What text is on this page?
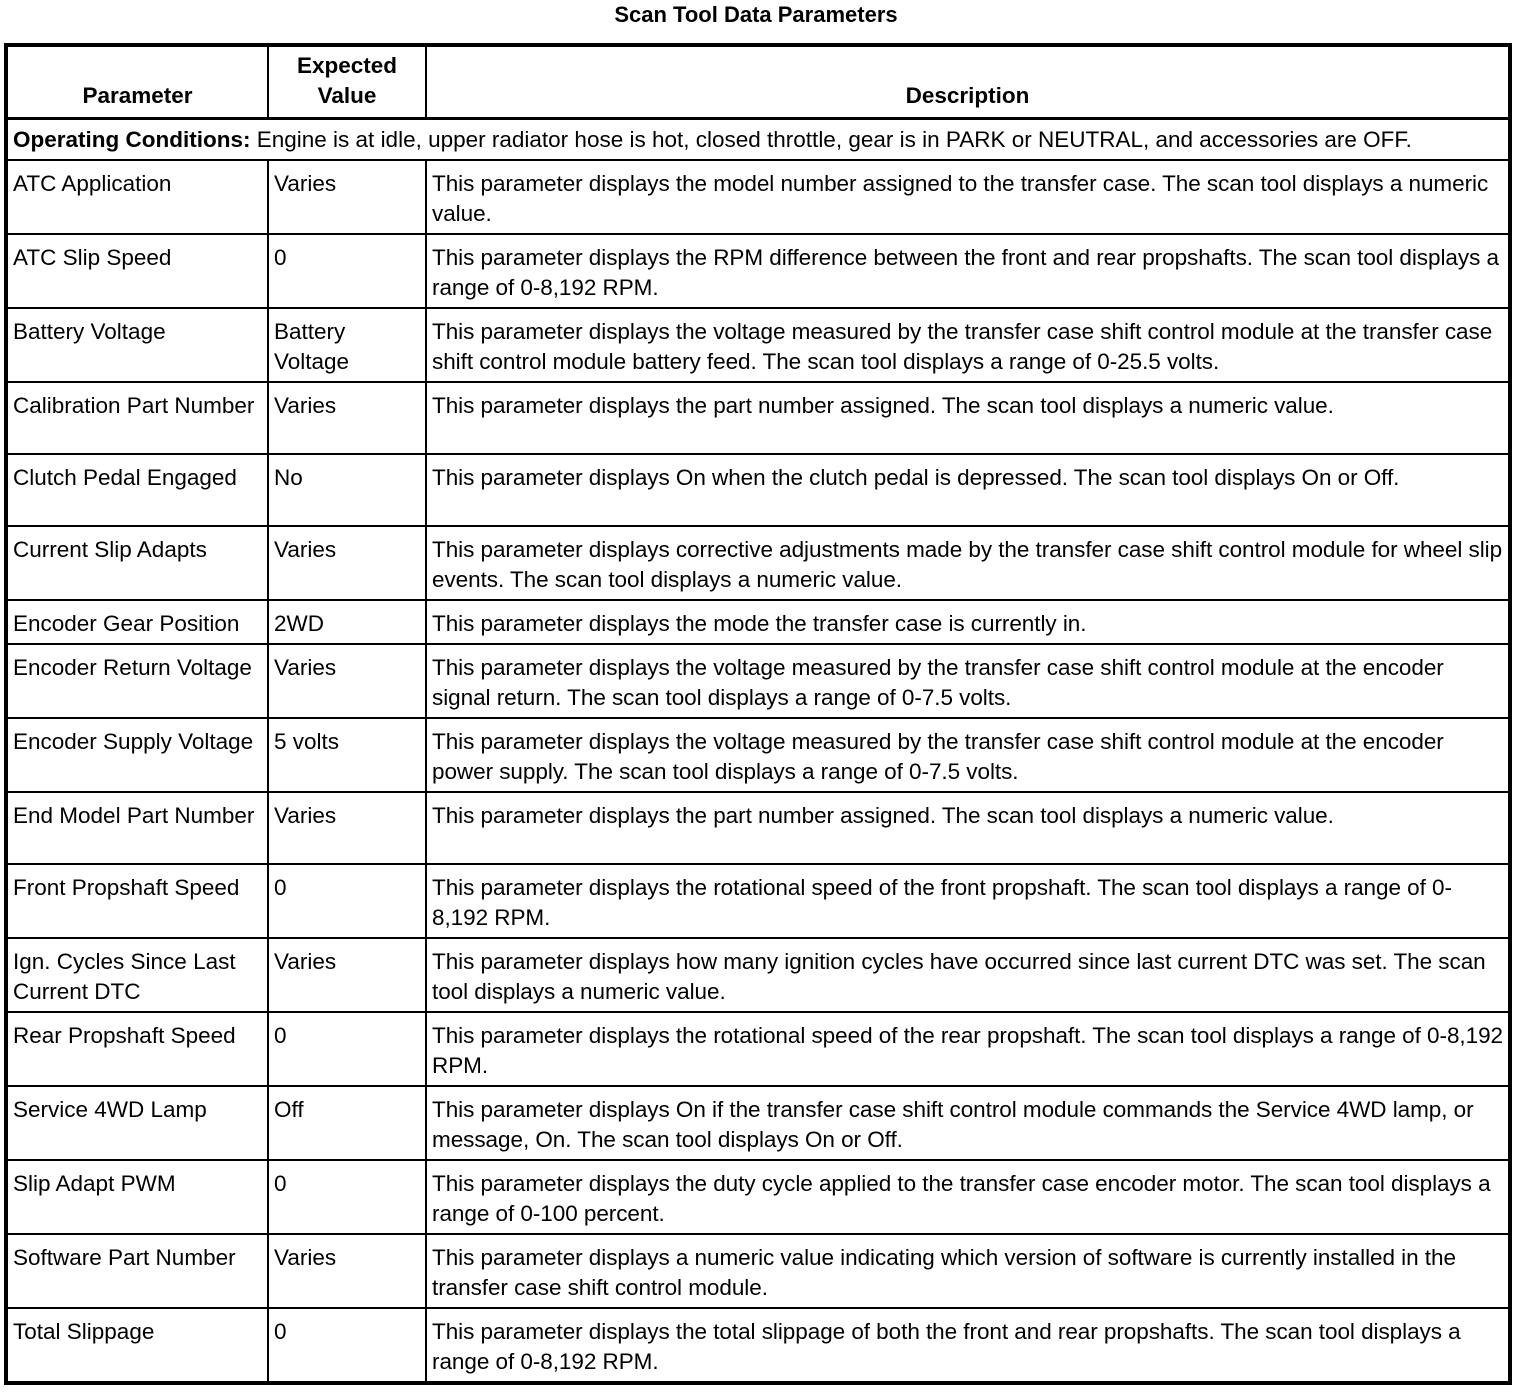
Scan Tool Data Parameters
Parameter	Expected Value	Description
Operating Conditions: Engine is at idle, upper radiator hose is hot, closed throttle, gear is in PARK or NEUTRAL, and accessories are OFF.		
ATC Application	Varies	This parameter displays the model number assigned to the transfer case. The scan tool displays a numeric value.
ATC Slip Speed	0	This parameter displays the RPM difference between the front and rear propshafts. The scan tool displays a range of 0-8,192 RPM.
Battery Voltage	Battery Voltage	This parameter displays the voltage measured by the transfer case shift control module at the transfer case shift control module battery feed. The scan tool displays a range of 0-25.5 volts.
Calibration Part Number	Varies	This parameter displays the part number assigned. The scan tool displays a numeric value.
Clutch Pedal Engaged	No	This parameter displays On when the clutch pedal is depressed. The scan tool displays On or Off.
Current Slip Adapts	Varies	This parameter displays corrective adjustments made by the transfer case shift control module for wheel slip events. The scan tool displays a numeric value.
Encoder Gear Position	2WD	This parameter displays the mode the transfer case is currently in.
Encoder Return Voltage	Varies	This parameter displays the voltage measured by the transfer case shift control module at the encoder signal return. The scan tool displays a range of 0-7.5 volts.
Encoder Supply Voltage	5 volts	This parameter displays the voltage measured by the transfer case shift control module at the encoder power supply. The scan tool displays a range of 0-7.5 volts.
End Model Part Number	Varies	This parameter displays the part number assigned. The scan tool displays a numeric value.
Front Propshaft Speed	0	This parameter displays the rotational speed of the front propshaft. The scan tool displays a range of 0-8,192 RPM.
Ign. Cycles Since Last Current DTC	Varies	This parameter displays how many ignition cycles have occurred since last current DTC was set. The scan tool displays a numeric value.
Rear Propshaft Speed	0	This parameter displays the rotational speed of the rear propshaft. The scan tool displays a range of 0-8,192 RPM.
Service 4WD Lamp	Off	This parameter displays On if the transfer case shift control module commands the Service 4WD lamp, or message, On. The scan tool displays On or Off.
Slip Adapt PWM	0	This parameter displays the duty cycle applied to the transfer case encoder motor. The scan tool displays a range of 0-100 percent.
Software Part Number	Varies	This parameter displays a numeric value indicating which version of software is currently installed in the transfer case shift control module.
Total Slippage	0	This parameter displays the total slippage of both the front and rear propshafts. The scan tool displays a range of 0-8,192 RPM.
